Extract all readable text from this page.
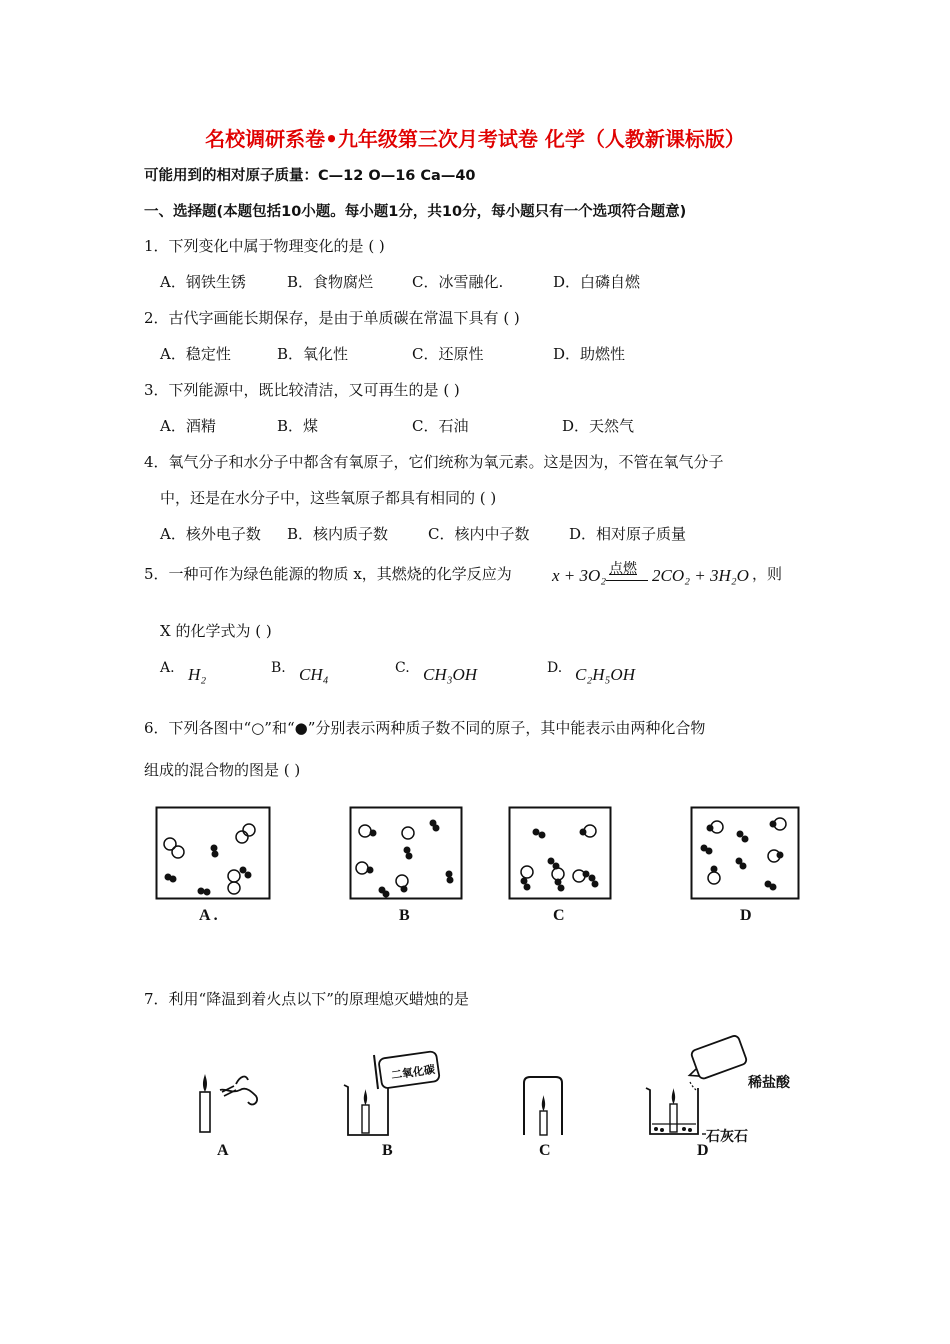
名校调研系卷•九年级第三次月考试卷 化学（人教新课标版）
可能用到的相对原子质量：C—12 O—16 Ca—40
一、选择题(本题包括10小题。每小题1分，共10分，每小题只有一个选项符合题意)
1．下列变化中属于物理变化的是 ( )
A．钢铁生锈	B．食物腐烂	C．冰雪融化.	D．白磷自燃
2．古代字画能长期保存，是由于单质碳在常温下具有 ( )
A．稳定性	B．氧化性	C．还原性	D．助燃性
3．下列能源中，既比较清洁，又可再生的是 ( )
A．酒精	B．煤	C．石油	D．天然气
4．氧气分子和水分子中都含有氧原子，它们统称为氧元素。这是因为，不管在氧气分子
中，还是在水分子中，这些氧原子都具有相同的 ( )
A．核外电子数 B．核内质子数	C．核内中子数	D．相对原子质量
5．一种可作为绿色能源的物质 x，其燃烧的化学反应为 x + 3O₂ 点燃 2CO₂ + 3H₂O ，则
X 的化学式为 ( )
A. H₂	B. CH₄	C. CH₃OH	D. C₂H₅OH
6．下列各图中“○”和“●”分别表示两种质子数不同的原子，其中能表示由两种化合物
组成的混合物的图是 ( )
A .	B	C	D
7．利用“降温到着火点以下”的原理熄灭蜡烛的是
A
二氧化碳
B	C
稀盐酸
石灰石
D
